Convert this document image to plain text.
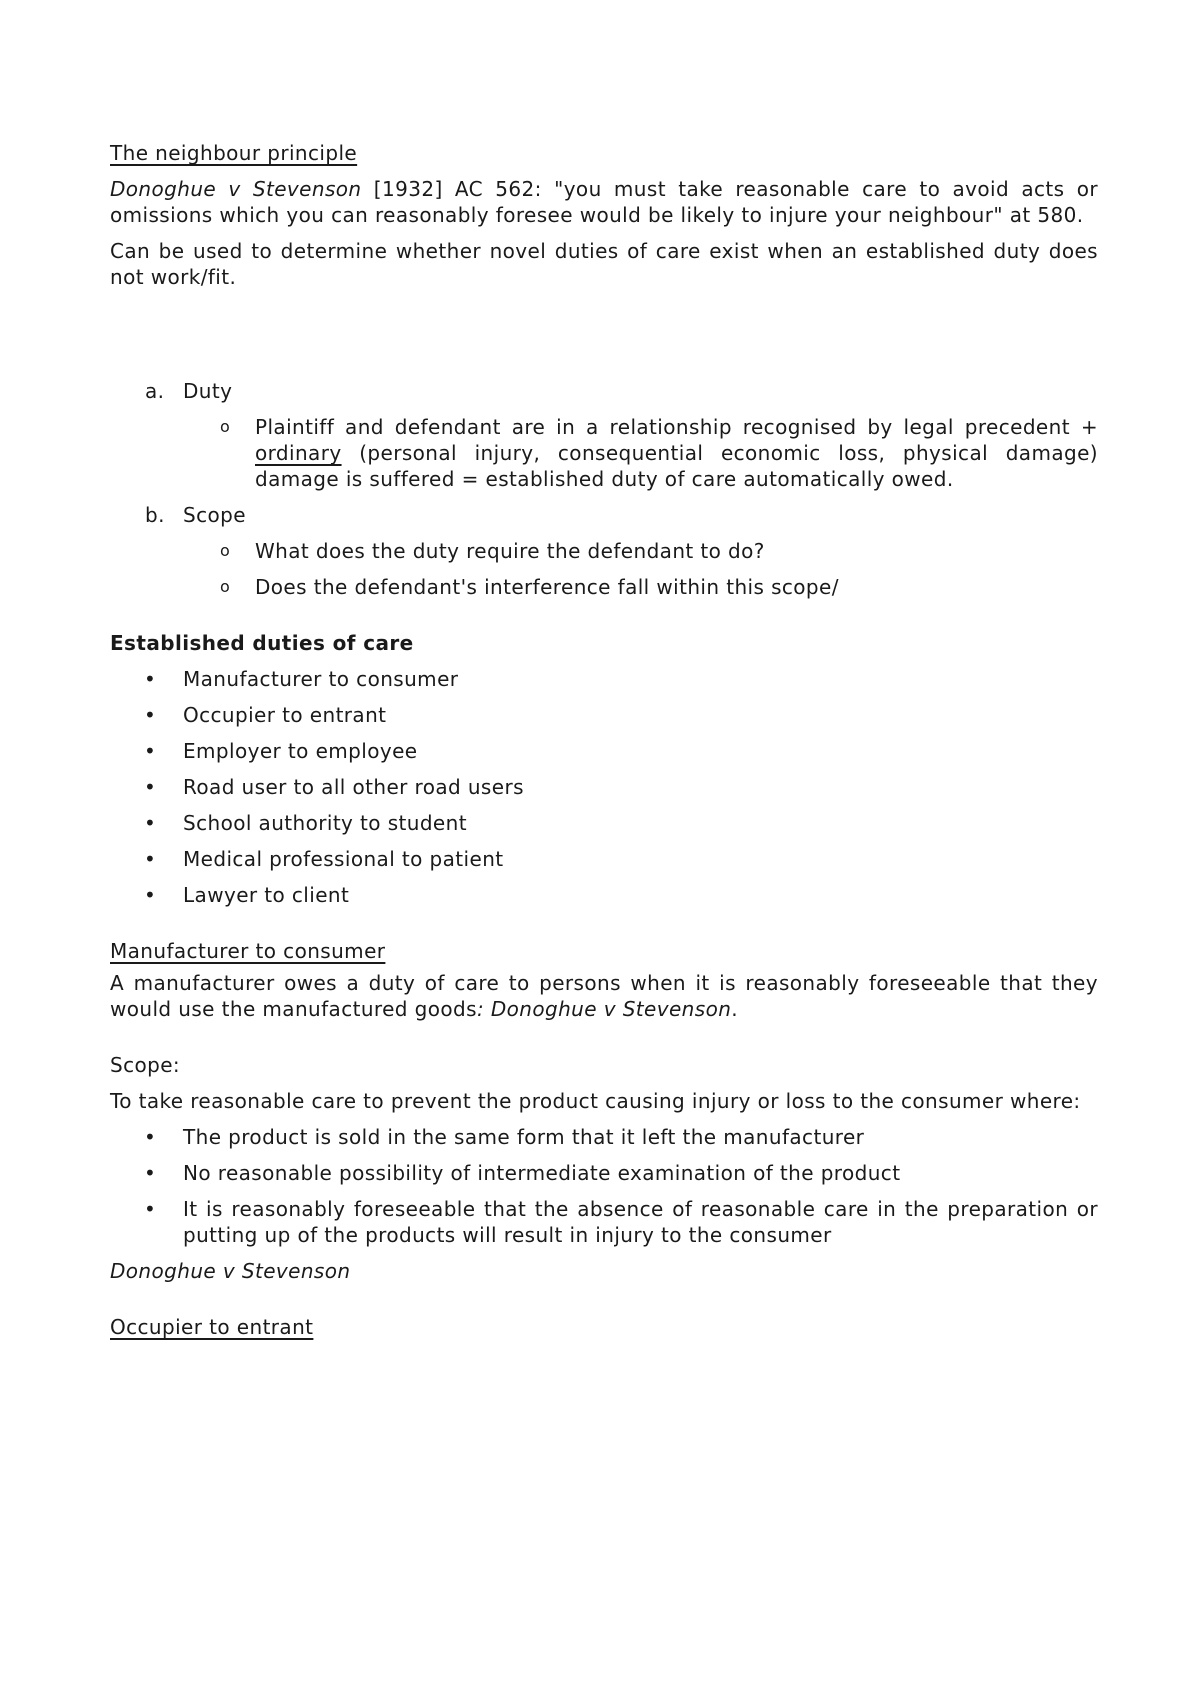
The neighbour principle
Donoghue v Stevenson [1932] AC 562: "you must take reasonable care to avoid acts or omissions which you can reasonably foresee would be likely to injure your neighbour" at 580.
Can be used to determine whether novel duties of care exist when an established duty does not work/fit.
a. Duty
o Plaintiff and defendant are in a relationship recognised by legal precedent + ordinary (personal injury, consequential economic loss, physical damage) damage is suffered = established duty of care automatically owed.
b. Scope
o What does the duty require the defendant to do?
o Does the defendant's interference fall within this scope/
Established duties of care
• Manufacturer to consumer
• Occupier to entrant
• Employer to employee
• Road user to all other road users
• School authority to student
• Medical professional to patient
• Lawyer to client
Manufacturer to consumer
A manufacturer owes a duty of care to persons when it is reasonably foreseeable that they would use the manufactured goods: Donoghue v Stevenson.
Scope:
To take reasonable care to prevent the product causing injury or loss to the consumer where:
• The product is sold in the same form that it left the manufacturer
• No reasonable possibility of intermediate examination of the product
• It is reasonably foreseeable that the absence of reasonable care in the preparation or putting up of the products will result in injury to the consumer
Donoghue v Stevenson
Occupier to entrant
